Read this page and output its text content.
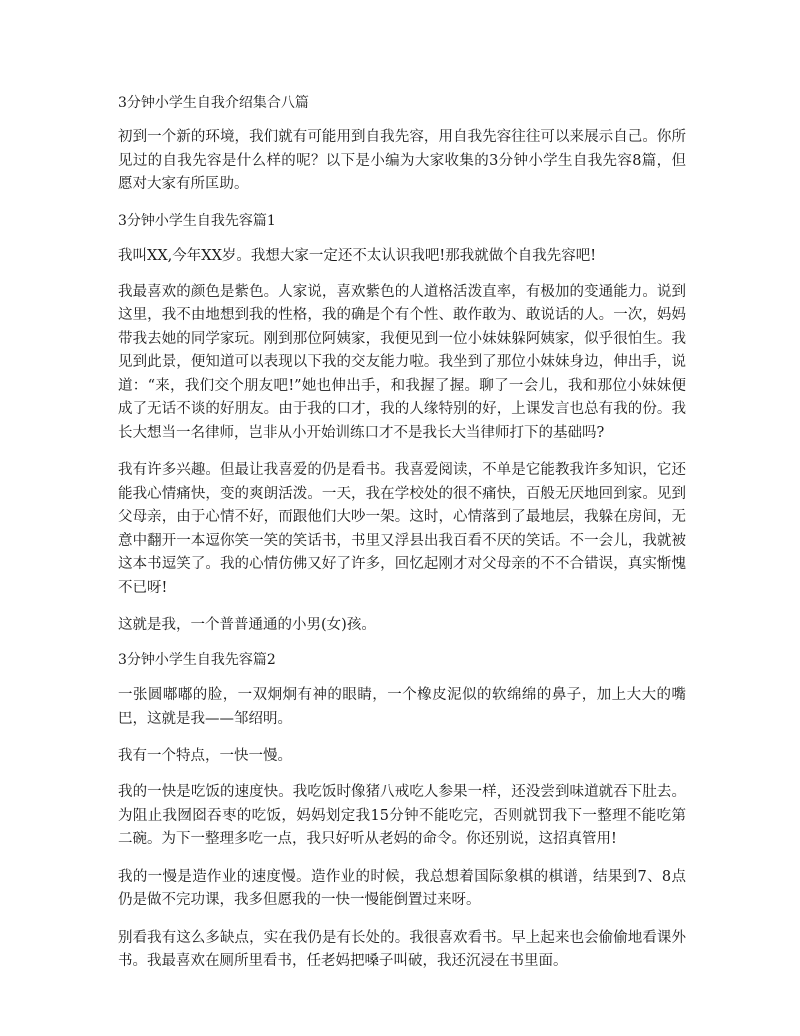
3分钟小学生自我介绍集合八篇

初到一个新的环境，我们就有可能用到自我先容，用自我先容往往可以来展示自己。你所见过的自我先容是什么样的呢？以下是小编为大家收集的3分钟小学生自我先容8篇，但愿对大家有所匡助。

3分钟小学生自我先容篇1

我叫XX,今年XX岁。我想大家一定还不太认识我吧!那我就做个自我先容吧!

我最喜欢的颜色是紫色。人家说，喜欢紫色的人道格活泼直率，有极加的变通能力。说到这里，我不由地想到我的性格，我的确是个有个性、敢作敢为、敢说话的人。一次，妈妈带我去她的同学家玩。刚到那位阿姨家，我便见到一位小妹妹躲阿姨家，似乎很怕生。我见到此景，便知道可以表现以下我的交友能力啦。我坐到了那位小妹妹身边，伸出手，说道：“来，我们交个朋友吧!”她也伸出手，和我握了握。聊了一会儿，我和那位小妹妹便成了无话不谈的好朋友。由于我的口才，我的人缘特别的好，上课发言也总有我的份。我长大想当一名律师，岂非从小开始训练口才不是我长大当律师打下的基础吗?

我有许多兴趣。但最让我喜爱的仍是看书。我喜爱阅读，不单是它能教我许多知识，它还能我心情痛快，变的爽朗活泼。一天，我在学校处的很不痛快，百般无厌地回到家。见到父母亲，由于心情不好，而跟他们大吵一架。这时，心情落到了最地层，我躲在房间，无意中翻开一本逗你笑一笑的笑话书，书里又浮县出我百看不厌的笑话。不一会儿，我就被这本书逗笑了。我的心情仿佛又好了许多，回忆起刚才对父母亲的不不合错误，真实惭愧不已呀!

这就是我，一个普普通通的小男(女)孩。

3分钟小学生自我先容篇2

一张圆嘟嘟的脸，一双炯炯有神的眼睛，一个橡皮泥似的软绵绵的鼻子，加上大大的嘴巴，这就是我——邹绍明。

我有一个特点，一快一慢。

我的一快是吃饭的速度快。我吃饭时像猪八戒吃人参果一样，还没尝到味道就吞下肚去。为阻止我囫囵吞枣的吃饭，妈妈划定我15分钟不能吃完，否则就罚我下一整理不能吃第二碗。为下一整理多吃一点，我只好听从老妈的命令。你还别说，这招真管用!

我的一慢是造作业的速度慢。造作业的时候，我总想着国际象棋的棋谱，结果到7、8点仍是做不完功课，我多但愿我的一快一慢能倒置过来呀。

别看我有这么多缺点，实在我仍是有长处的。我很喜欢看书。早上起来也会偷偷地看课外书。我最喜欢在厕所里看书，任老妈把嗓子叫破，我还沉浸在书里面。
